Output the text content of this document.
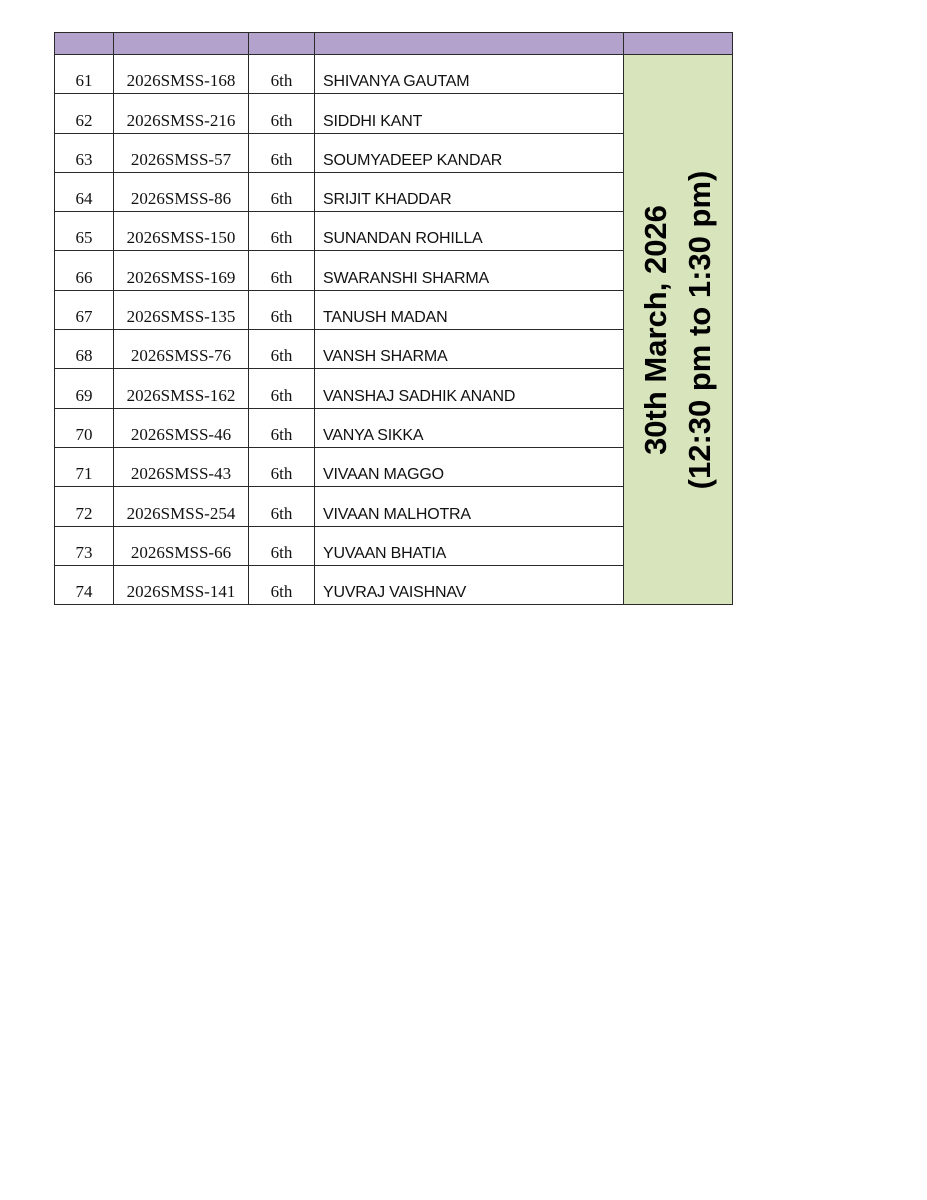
61	2026SMSS-168	6th	SHIVANYA GAUTAM	30th March, 2026 (12:30 pm to 1:30 pm)

62	2026SMSS-216	6th	SIDDHI KANT	
63	2026SMSS-57	6th	SOUMYADEEP KANDAR	
64	2026SMSS-86	6th	SRIJIT KHADDAR	
65	2026SMSS-150	6th	SUNANDAN ROHILLA	
66	2026SMSS-169	6th	SWARANSHI SHARMA	
67	2026SMSS-135	6th	TANUSH MADAN	
68	2026SMSS-76	6th	VANSH SHARMA	
69	2026SMSS-162	6th	VANSHAJ SADHIK ANAND	
70	2026SMSS-46	6th	VANYA SIKKA	
71	2026SMSS-43	6th	VIVAAN MAGGO	
72	2026SMSS-254	6th	VIVAAN MALHOTRA	
73	2026SMSS-66	6th	YUVAAN BHATIA	
74	2026SMSS-141	6th	YUVRAJ VAISHNAV	
